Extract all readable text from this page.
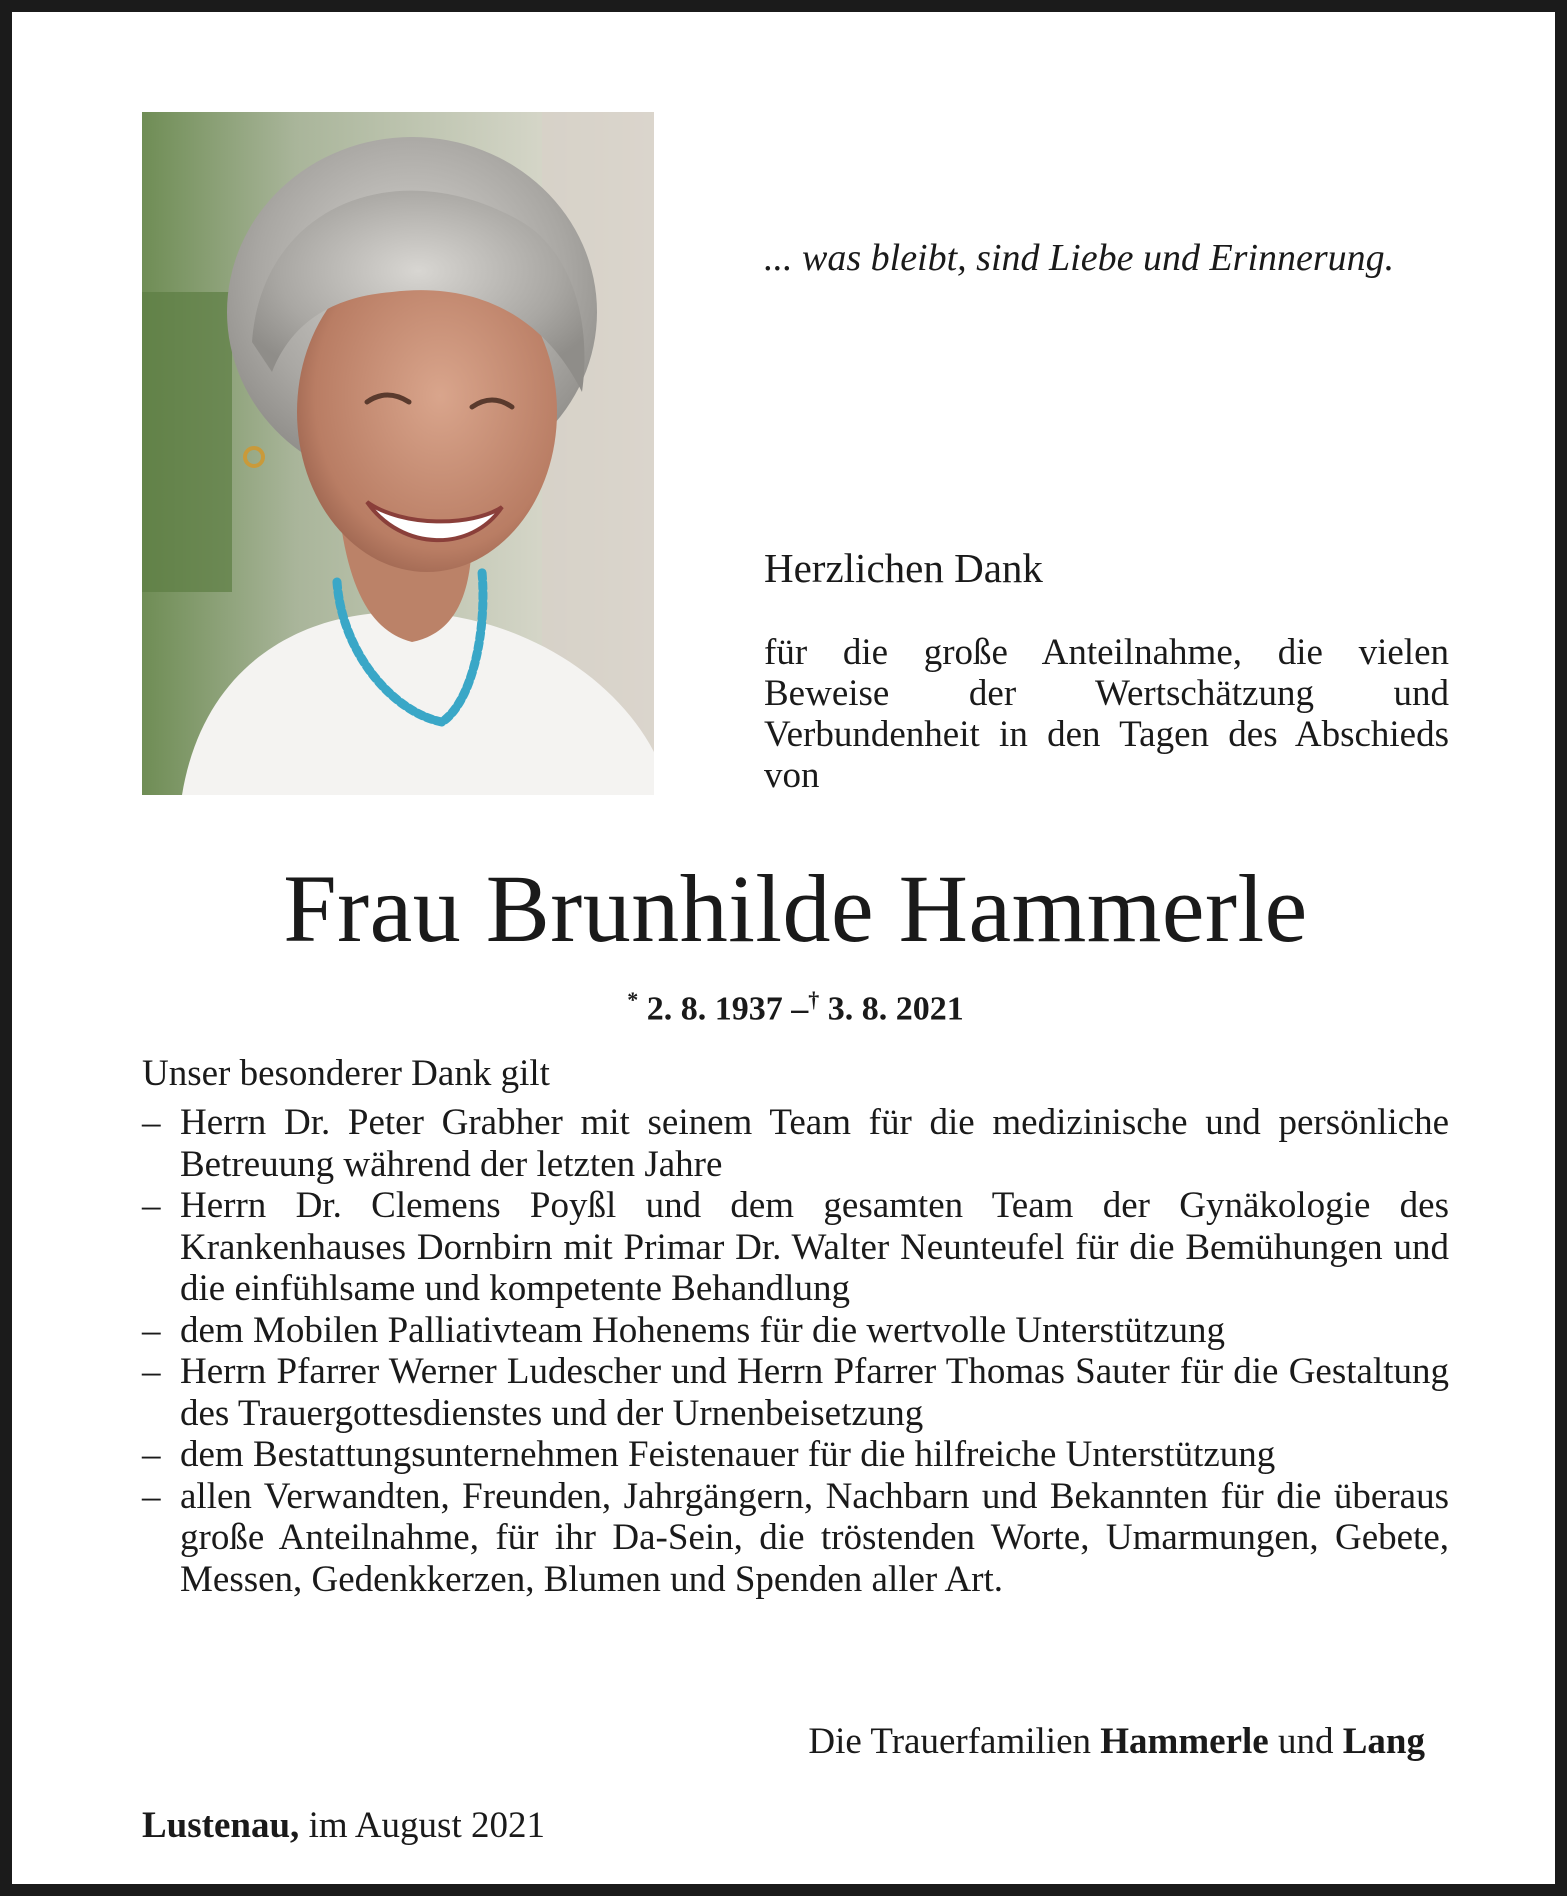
... was bleibt, sind Liebe und Erinnerung.
Herzlichen Dank
für die große Anteilnahme, die vielen Beweise der Wertschätzung und Verbundenheit in den Tagen des Abschieds von
Frau Brunhilde Hammerle
* 2. 8. 1937 –† 3. 8. 2021
Unser besonderer Dank gilt
– Herrn Dr. Peter Grabher mit seinem Team für die medizinische und persönliche Betreuung während der letzten Jahre
– Herrn Dr. Clemens Poyßl und dem gesamten Team der Gynäkologie des Krankenhauses Dornbirn mit Primar Dr. Walter Neunteufel für die Bemühungen und die einfühlsame und kompetente Behandlung
– dem Mobilen Palliativteam Hohenems für die wertvolle Unterstützung
– Herrn Pfarrer Werner Ludescher und Herrn Pfarrer Thomas Sauter für die Gestaltung des Trauergottesdienstes und der Urnenbeisetzung
– dem Bestattungsunternehmen Feistenauer für die hilfreiche Unterstützung
– allen Verwandten, Freunden, Jahrgängern, Nachbarn und Bekannten für die überaus große Anteilnahme, für ihr Da-Sein, die tröstenden Worte, Umarmungen, Gebete, Messen, Gedenkkerzen, Blumen und Spenden aller Art.
Die Trauerfamilien Hammerle und Lang
Lustenau, im August 2021
